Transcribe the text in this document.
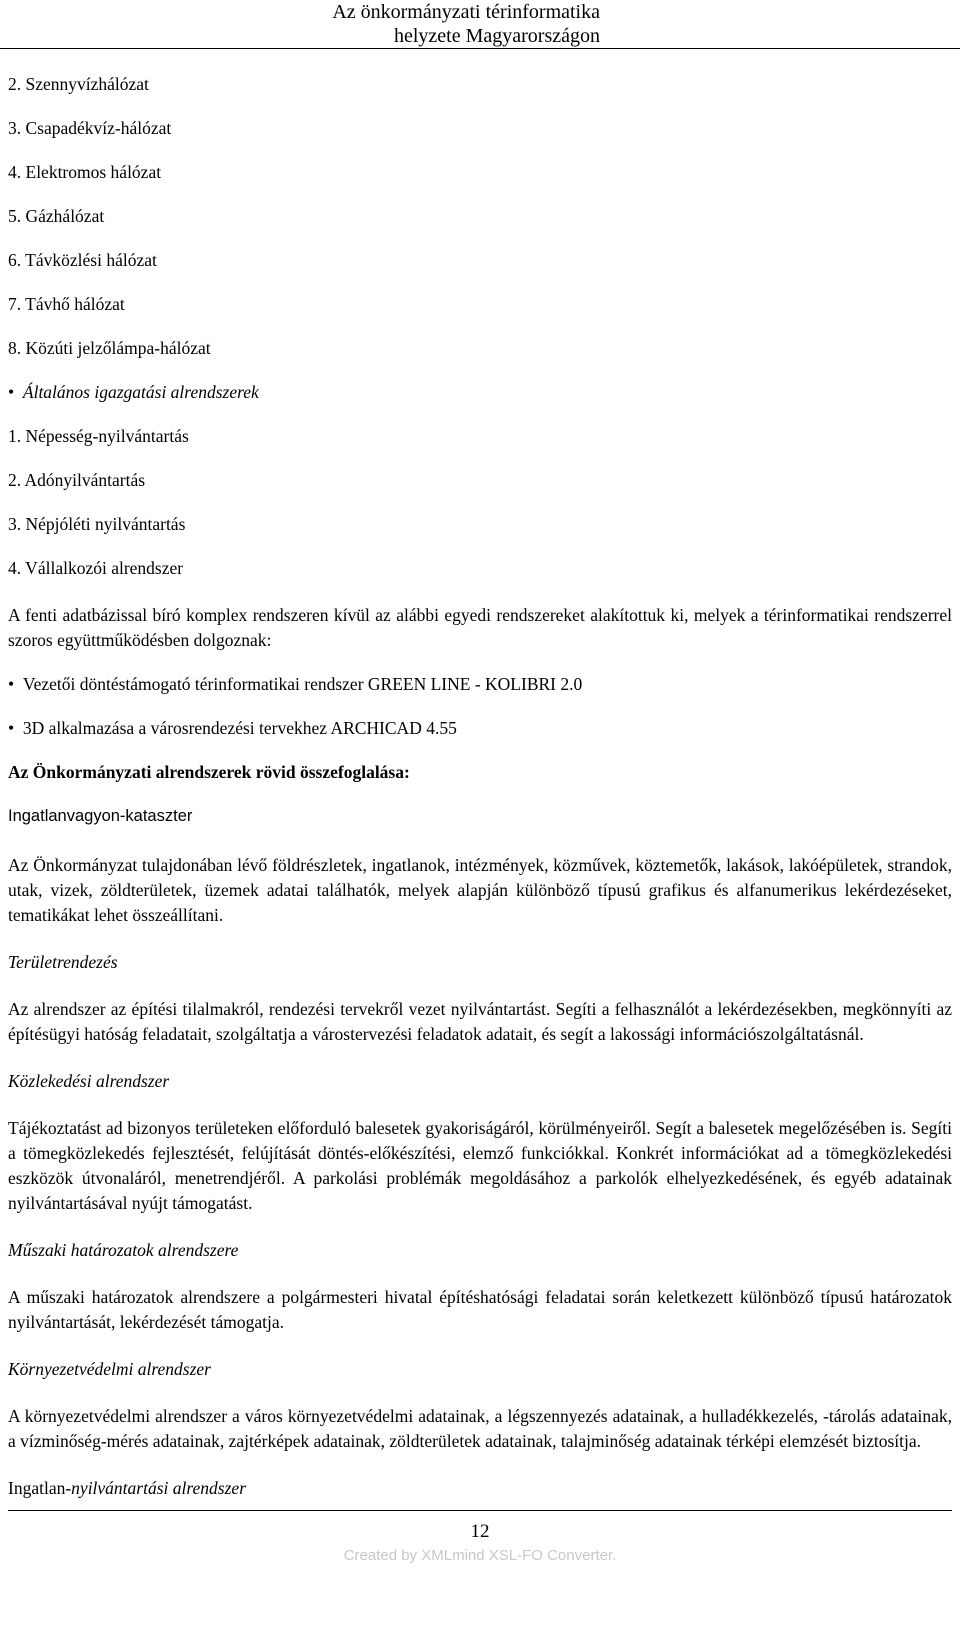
Az önkormányzati térinformatika
helyzete Magyarországon
2. Szennyvízhálózat
3. Csapadékvíz-hálózat
4. Elektromos hálózat
5. Gázhálózat
6. Távközlési hálózat
7. Távhő hálózat
8. Közúti jelzőlámpa-hálózat
• Általános igazgatási alrendszerek
1. Népesség-nyilvántartás
2. Adónyilvántartás
3. Népjóléti nyilvántartás
4. Vállalkozói alrendszer

A fenti adatbázissal bíró komplex rendszeren kívül az alábbi egyedi rendszereket alakítottuk ki, melyek a térinformatikai rendszerrel szoros együttműködésben dolgoznak:

• Vezetői döntéstámogató térinformatikai rendszer GREEN LINE - KOLIBRI 2.0
• 3D alkalmazása a városrendezési tervekhez ARCHICAD 4.55
Az Önkormányzati alrendszerek rövid összefoglalása:
Ingatlanvagyon-kataszter

Az Önkormányzat tulajdonában lévő földrészletek, ingatlanok, intézmények, közművek, köztemetők, lakások, lakóépületek, strandok, utak, vizek, zöldterületek, üzemek adatai találhatók, melyek alapján különböző típusú grafikus és alfanumerikus lekérdezéseket, tematikákat lehet összeállítani.

Területrendezés

Az alrendszer az építési tilalmakról, rendezési tervekről vezet nyilvántartást. Segíti a felhasználót a lekérdezésekben, megkönnyíti az építésügyi hatóság feladatait, szolgáltatja a várostervezési feladatok adatait, és segít a lakossági információszolgáltatásnál.

Közlekedési alrendszer

Tájékoztatást ad bizonyos területeken előforduló balesetek gyakoriságáról, körülményeiről. Segít a balesetek megelőzésében is. Segíti a tömegközlekedés fejlesztését, felújítását döntés-előkészítési, elemző funkciókkal. Konkrét információkat ad a tömegközlekedési eszközök útvonaláról, menetrendjéről. A parkolási problémák megoldásához a parkolók elhelyezkedésének, és egyéb adatainak nyilvántartásával nyújt támogatást.

Műszaki határozatok alrendszere

A műszaki határozatok alrendszere a polgármesteri hivatal építéshatósági feladatai során keletkezett különböző típusú határozatok nyilvántartását, lekérdezését támogatja.

Környezetvédelmi alrendszer

A környezetvédelmi alrendszer a város környezetvédelmi adatainak, a légszennyezés adatainak, a hulladékkezelés, -tárolás adatainak, a vízminőség-mérés adatainak, zajtérképek adatainak, zöldterületek adatainak, talajminőség adatainak térképi elemzését biztosítja.

Ingatlan-nyilvántartási alrendszer
12
Created by XMLmind XSL-FO Converter.
